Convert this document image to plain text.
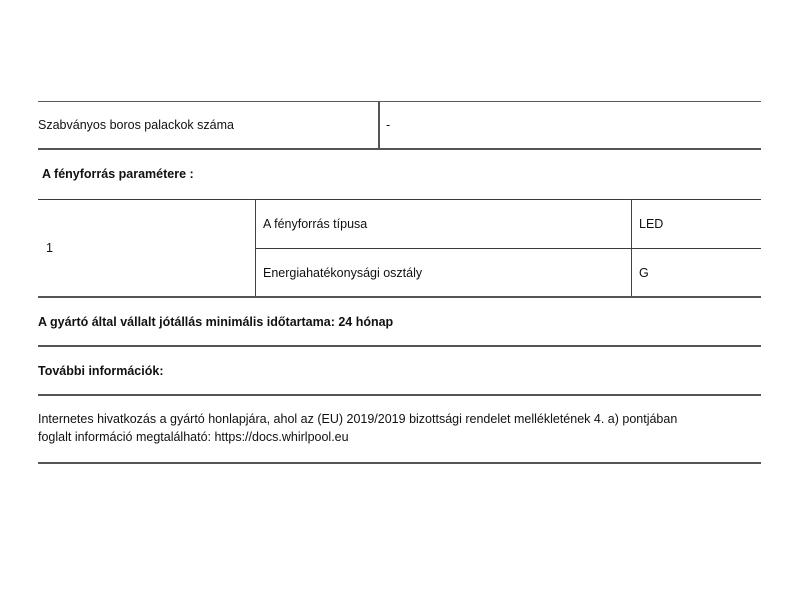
Szabványos boros palackok száma	-
A fényforrás paramétere :
1
A fényforrás típusa	LED
Energiahatékonysági osztály	G
A gyártó által vállalt jótállás minimális időtartama: 24 hónap
További információk:
Internetes hivatkozás a gyártó honlapjára, ahol az (EU) 2019/2019 bizottsági rendelet mellékletének 4. a) pontjában
foglalt információ megtalálható: https://docs.whirlpool.eu
